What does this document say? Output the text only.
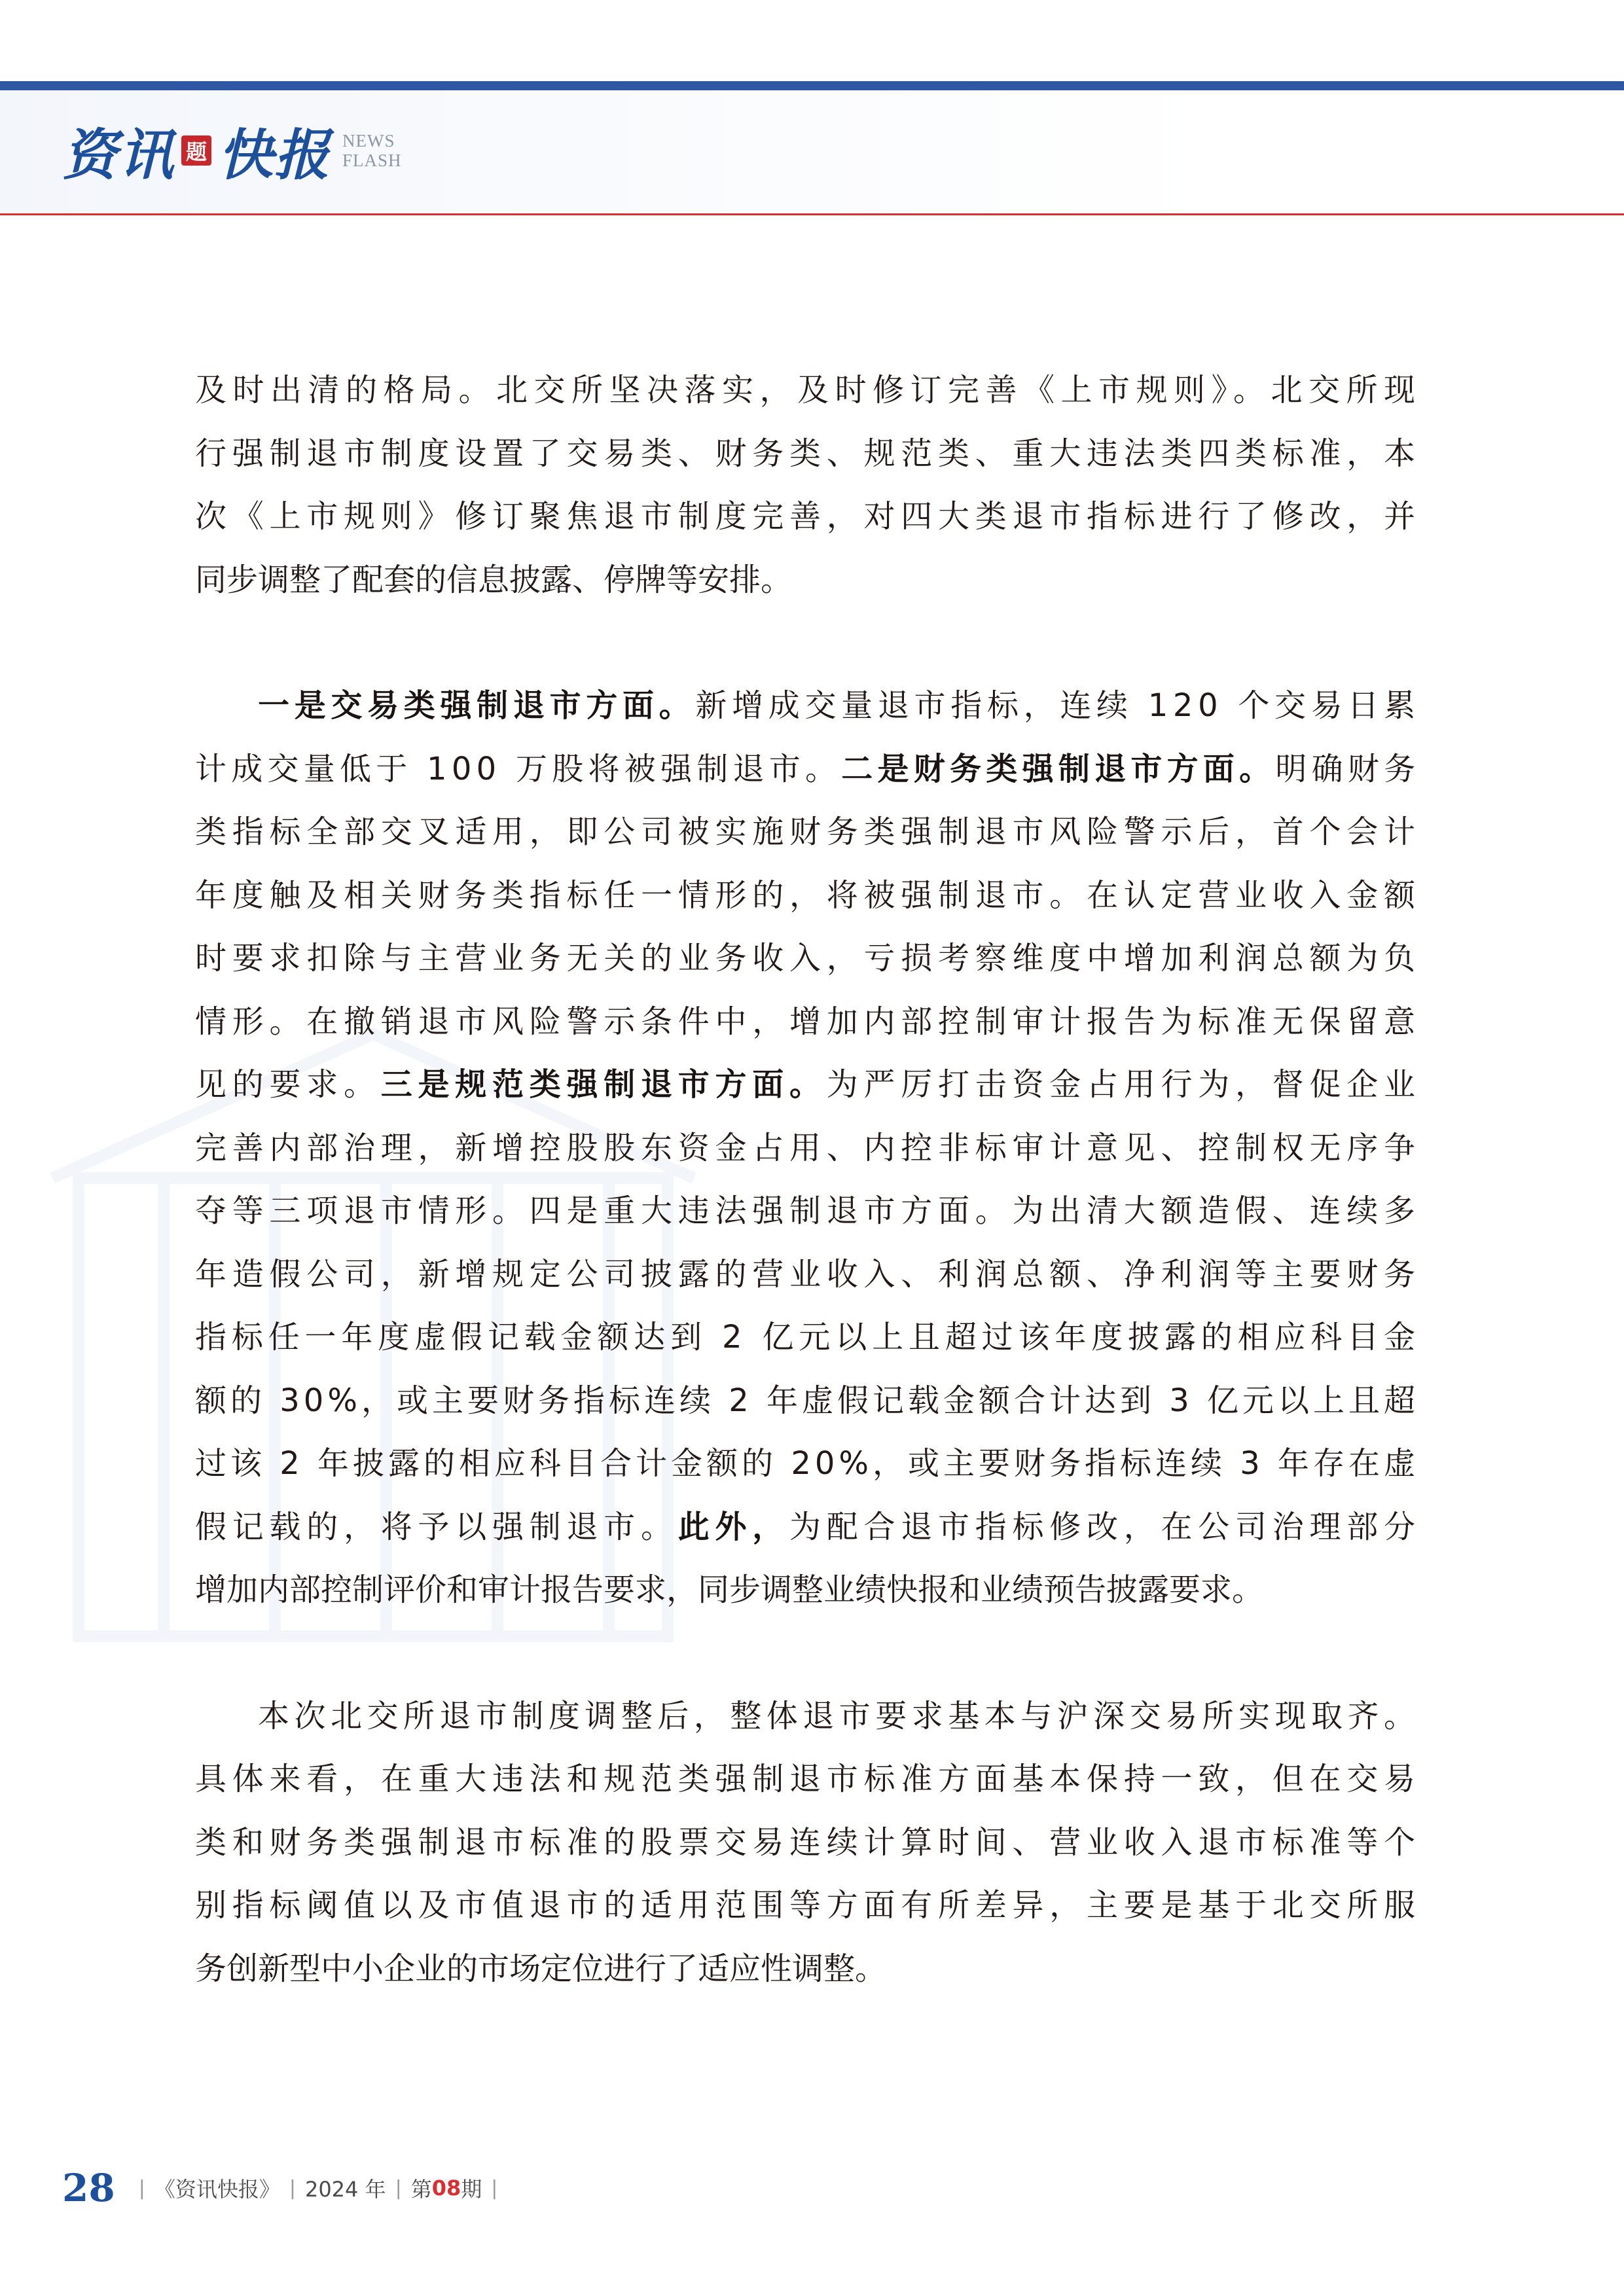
资讯 题 快报 NEWS
FLASH
及时出清的格局。北交所坚决落实，及时修订完善《上市规则》。北交所现
行强制退市制度设置了交易类、财务类、规范类、重大违法类四类标准，本
次《上市规则》修订聚焦退市制度完善，对四大类退市指标进行了修改，并
同步调整了配套的信息披露、停牌等安排。
一是交易类强制退市方面。新增成交量退市指标，连续 120 个交易日累
计成交量低于 100 万股将被强制退市。二是财务类强制退市方面。明确财务
类指标全部交叉适用，即公司被实施财务类强制退市风险警示后，首个会计
年度触及相关财务类指标任一情形的，将被强制退市。在认定营业收入金额
时要求扣除与主营业务无关的业务收入，亏损考察维度中增加利润总额为负
情形。在撤销退市风险警示条件中，增加内部控制审计报告为标准无保留意
见的要求。三是规范类强制退市方面。为严厉打击资金占用行为，督促企业
完善内部治理，新增控股股东资金占用、内控非标审计意见、控制权无序争
夺等三项退市情形。四是重大违法强制退市方面。为出清大额造假、连续多
年造假公司，新增规定公司披露的营业收入、利润总额、净利润等主要财务
指标任一年度虚假记载金额达到 2 亿元以上且超过该年度披露的相应科目金
额的 30%，或主要财务指标连续 2 年虚假记载金额合计达到 3 亿元以上且超
过该 2 年披露的相应科目合计金额的 20%，或主要财务指标连续 3 年存在虚
假记载的，将予以强制退市。此外，为配合退市指标修改，在公司治理部分
增加内部控制评价和审计报告要求，同步调整业绩快报和业绩预告披露要求。
本次北交所退市制度调整后，整体退市要求基本与沪深交易所实现取齐。
具体来看，在重大违法和规范类强制退市标准方面基本保持一致，但在交易
类和财务类强制退市标准的股票交易连续计算时间、营业收入退市标准等个
别指标阈值以及市值退市的适用范围等方面有所差异，主要是基于北交所服
务创新型中小企业的市场定位进行了适应性调整。
28 | 《资讯快报》 | 2024 年 | 第 08 期 |
